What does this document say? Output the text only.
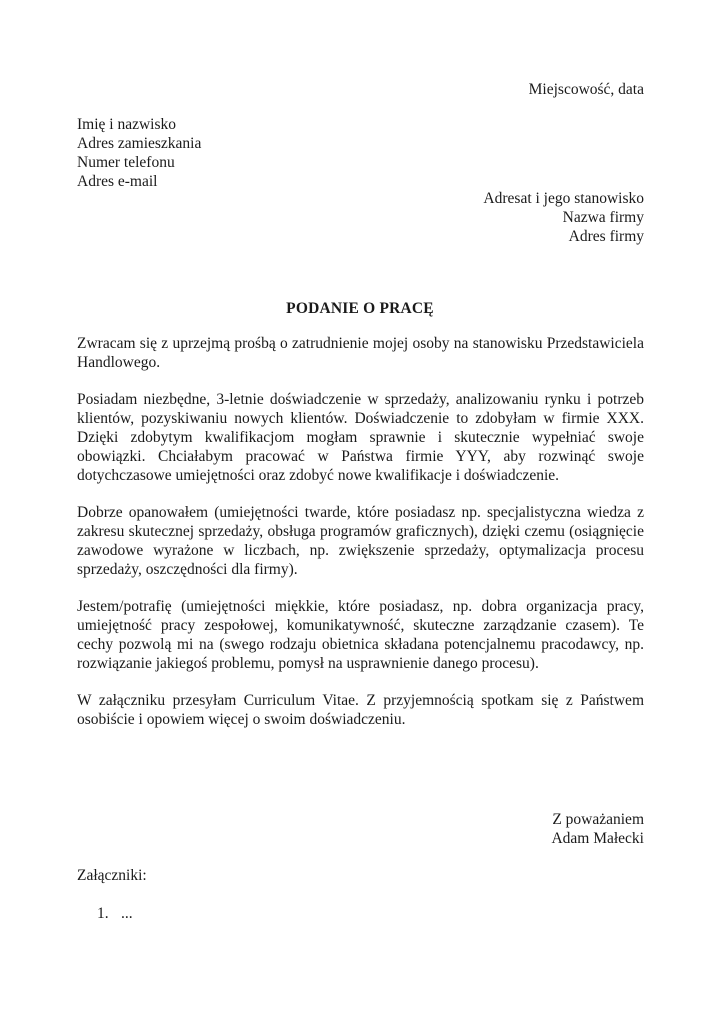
Miejscowość, data
Imię i nazwisko
Adres zamieszkania
Numer telefonu
Adres e-mail
Adresat i jego stanowisko
Nazwa firmy
Adres firmy
PODANIE O PRACĘ

Zwracam się z uprzejmą prośbą o zatrudnienie mojej osoby na stanowisku Przedstawiciela Handlowego.

Posiadam niezbędne, 3-letnie doświadczenie w sprzedaży, analizowaniu rynku i potrzeb klientów, pozyskiwaniu nowych klientów. Doświadczenie to zdobyłam w firmie XXX. Dzięki zdobytym kwalifikacjom mogłam sprawnie i skutecznie wypełniać swoje obowiązki. Chciałabym pracować w Państwa firmie YYY, aby rozwinąć swoje dotychczasowe umiejętności oraz zdobyć nowe kwalifikacje i doświadczenie.

Dobrze opanowałem (umiejętności twarde, które posiadasz np. specjalistyczna wiedza z zakresu skutecznej sprzedaży, obsługa programów graficznych), dzięki czemu (osiągnięcie zawodowe wyrażone w liczbach, np. zwiększenie sprzedaży, optymalizacja procesu sprzedaży, oszczędności dla firmy).

Jestem/potrafię (umiejętności miękkie, które posiadasz, np. dobra organizacja pracy, umiejętność pracy zespołowej, komunikatywność, skuteczne zarządzanie czasem). Te cechy pozwolą mi na (swego rodzaju obietnica składana potencjalnemu pracodawcy, np. rozwiązanie jakiegoś problemu, pomysł na usprawnienie danego procesu).

W załączniku przesyłam Curriculum Vitae. Z przyjemnością spotkam się z Państwem osobiście i opowiem więcej o swoim doświadczeniu.

Z poważaniem
Adam Małecki
Załączniki:
1. ...
